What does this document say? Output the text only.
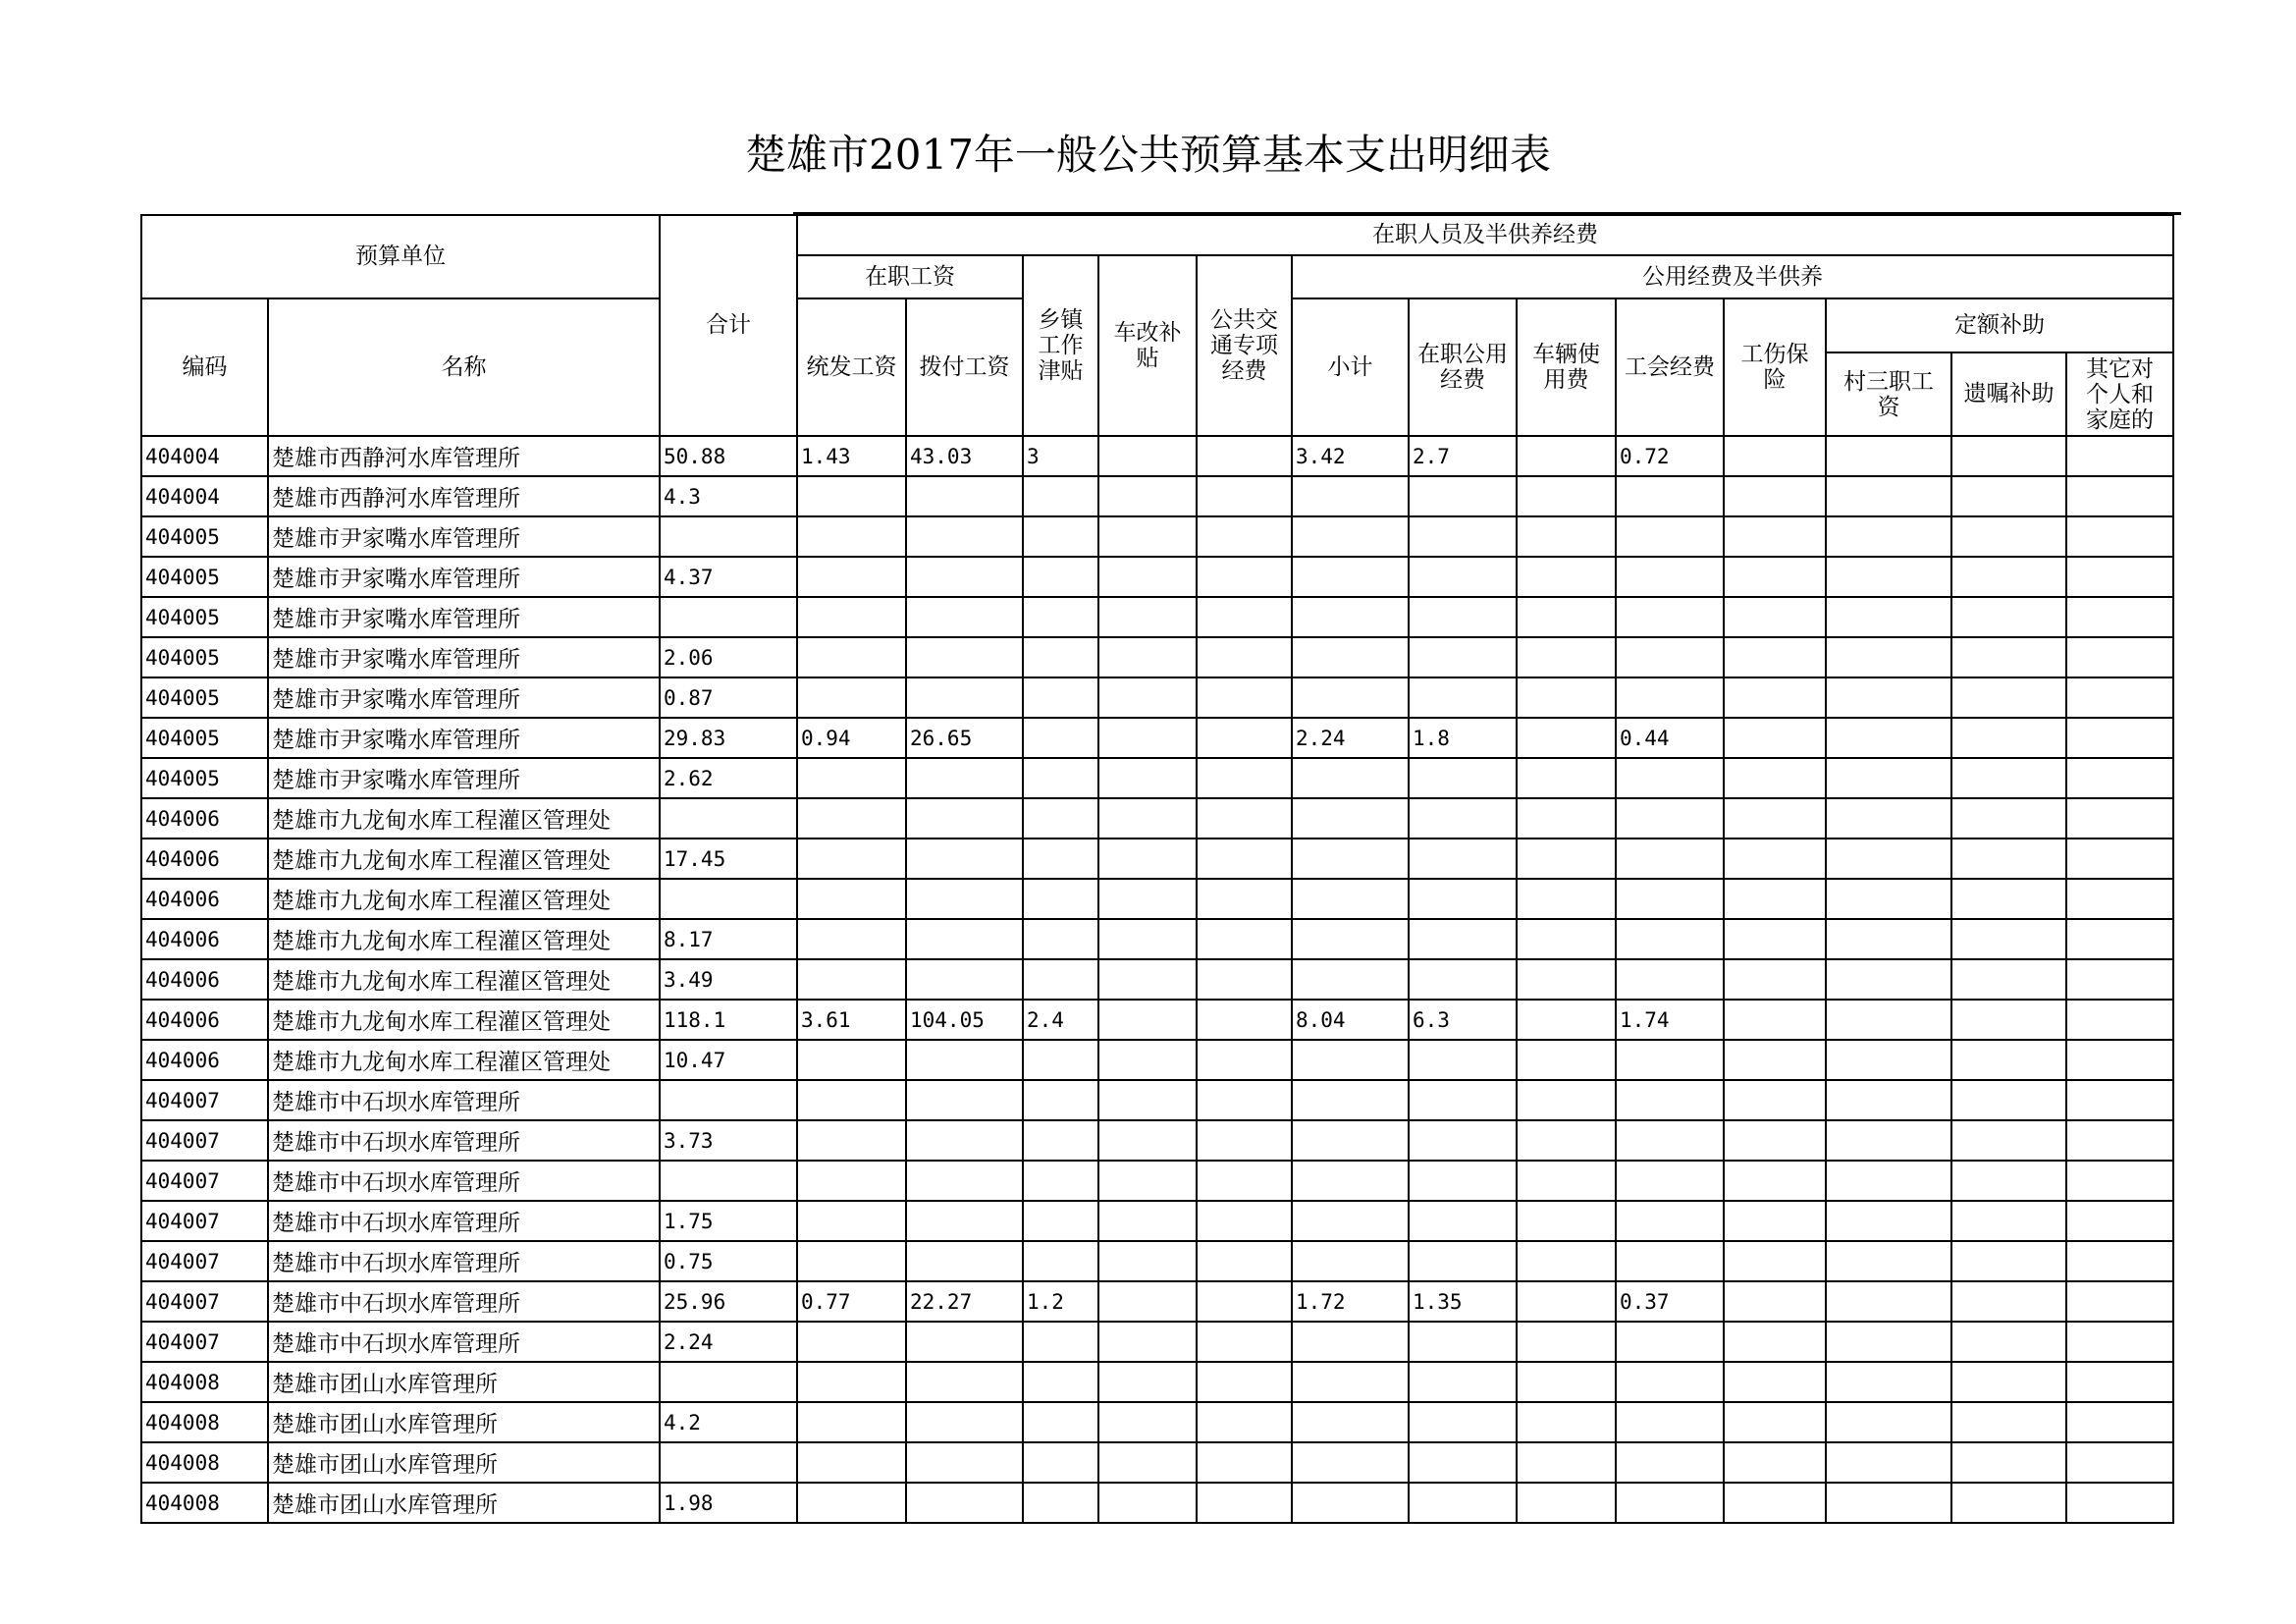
楚雄市2017年一般公共预算基本支出明细表
预算单位		合计	在职人员及半供养经费												
			在职工资		乡镇工作津贴	车改补贴	公共交通专项经费	公用经费及半供养							
编码	名称		统发工资	拨付工资				小计	在职公用经费	车辆使用费	工会经费	工伤保险	定额补助		

													村三职工资	遗嘱补助	其它对个人和家庭的

404004	楚雄市西静河水库管理所	50.88	1.43	43.03	3			3.42	2.7		0.72				
404004	楚雄市西静河水库管理所	4.3													
404005	楚雄市尹家嘴水库管理所														
404005	楚雄市尹家嘴水库管理所	4.37													
404005	楚雄市尹家嘴水库管理所														
404005	楚雄市尹家嘴水库管理所	2.06													
404005	楚雄市尹家嘴水库管理所	0.87													
404005	楚雄市尹家嘴水库管理所	29.83	0.94	26.65				2.24	1.8		0.44				
404005	楚雄市尹家嘴水库管理所	2.62													
404006	楚雄市九龙甸水库工程灌区管理处														
404006	楚雄市九龙甸水库工程灌区管理处	17.45													
404006	楚雄市九龙甸水库工程灌区管理处														
404006	楚雄市九龙甸水库工程灌区管理处	8.17													
404006	楚雄市九龙甸水库工程灌区管理处	3.49													
404006	楚雄市九龙甸水库工程灌区管理处	118.1	3.61	104.05	2.4			8.04	6.3		1.74				
404006	楚雄市九龙甸水库工程灌区管理处	10.47													
404007	楚雄市中石坝水库管理所														
404007	楚雄市中石坝水库管理所	3.73													
404007	楚雄市中石坝水库管理所														
404007	楚雄市中石坝水库管理所	1.75													
404007	楚雄市中石坝水库管理所	0.75													
404007	楚雄市中石坝水库管理所	25.96	0.77	22.27	1.2			1.72	1.35		0.37				
404007	楚雄市中石坝水库管理所	2.24													
404008	楚雄市团山水库管理所														
404008	楚雄市团山水库管理所	4.2													
404008	楚雄市团山水库管理所														
404008	楚雄市团山水库管理所	1.98													
